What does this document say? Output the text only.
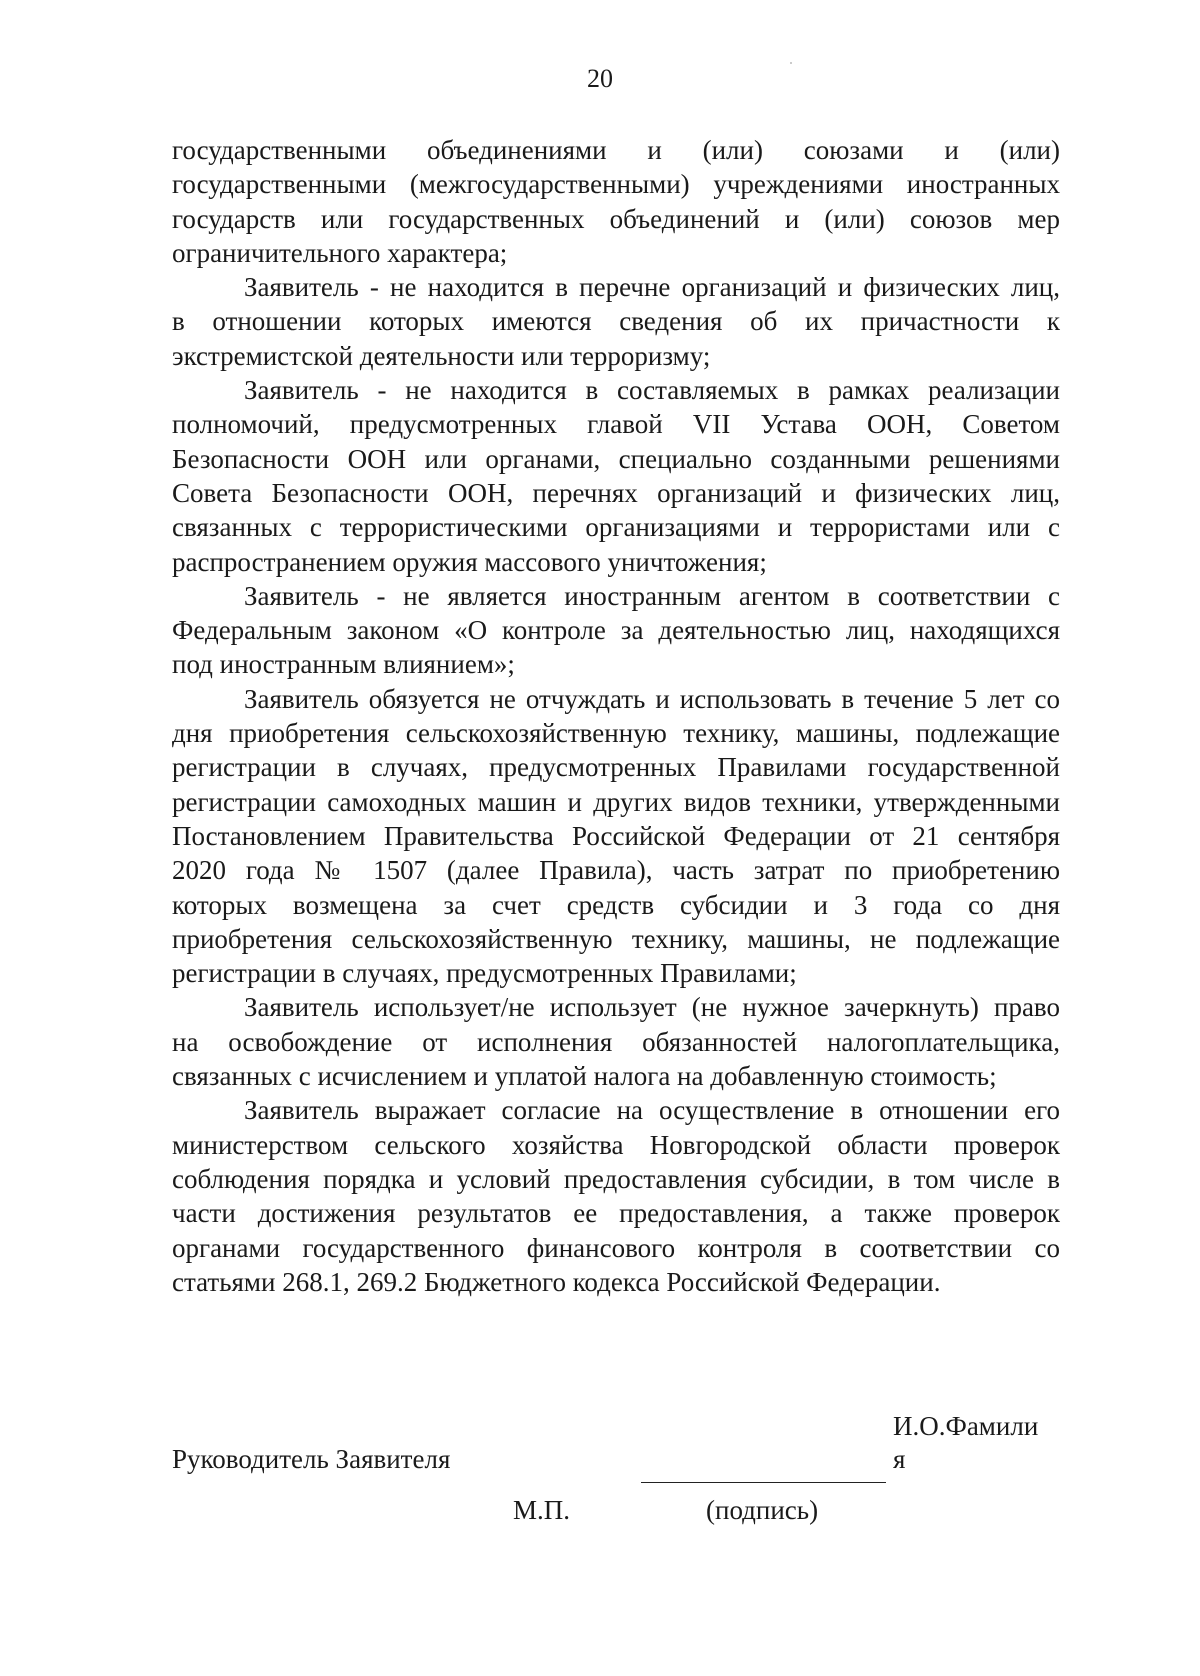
20
государственными объединениями и (или) союзами и (или)
государственными (межгосударственными) учреждениями иностранных
государств или государственных объединений и (или) союзов мер
ограничительного характера;
Заявитель - не находится в перечне организаций и физических лиц,
в отношении которых имеются сведения об их причастности к
экстремистской деятельности или терроризму;
Заявитель - не находится в составляемых в рамках реализации
полномочий, предусмотренных главой VII Устава ООН, Советом
Безопасности ООН или органами, специально созданными решениями
Совета Безопасности ООН, перечнях организаций и физических лиц,
связанных с террористическими организациями и террористами или с
распространением оружия массового уничтожения;
Заявитель - не является иностранным агентом в соответствии с
Федеральным законом «О контроле за деятельностью лиц, находящихся
под иностранным влиянием»;
Заявитель обязуется не отчуждать и использовать в течение 5 лет со
дня приобретения сельскохозяйственную технику, машины, подлежащие
регистрации в случаях, предусмотренных Правилами государственной
регистрации самоходных машин и других видов техники, утвержденными
Постановлением Правительства Российской Федерации от 21 сентября
2020 года № 1507 (далее Правила), часть затрат по приобретению
которых возмещена за счет средств субсидии и 3 года со дня
приобретения сельскохозяйственную технику, машины, не подлежащие
регистрации в случаях, предусмотренных Правилами;
Заявитель использует/не использует (не нужное зачеркнуть) право
на освобождение от исполнения обязанностей налогоплательщика,
связанных с исчислением и уплатой налога на добавленную стоимость;
Заявитель выражает согласие на осуществление в отношении его
министерством сельского хозяйства Новгородской области проверок
соблюдения порядка и условий предоставления субсидии, в том числе в
части достижения результатов ее предоставления, а также проверок
органами государственного финансового контроля в соответствии со
статьями 268.1, 269.2 Бюджетного кодекса Российской Федерации.
И.О.Фамили
я
Руководитель Заявителя
М.П.	(подпись)
